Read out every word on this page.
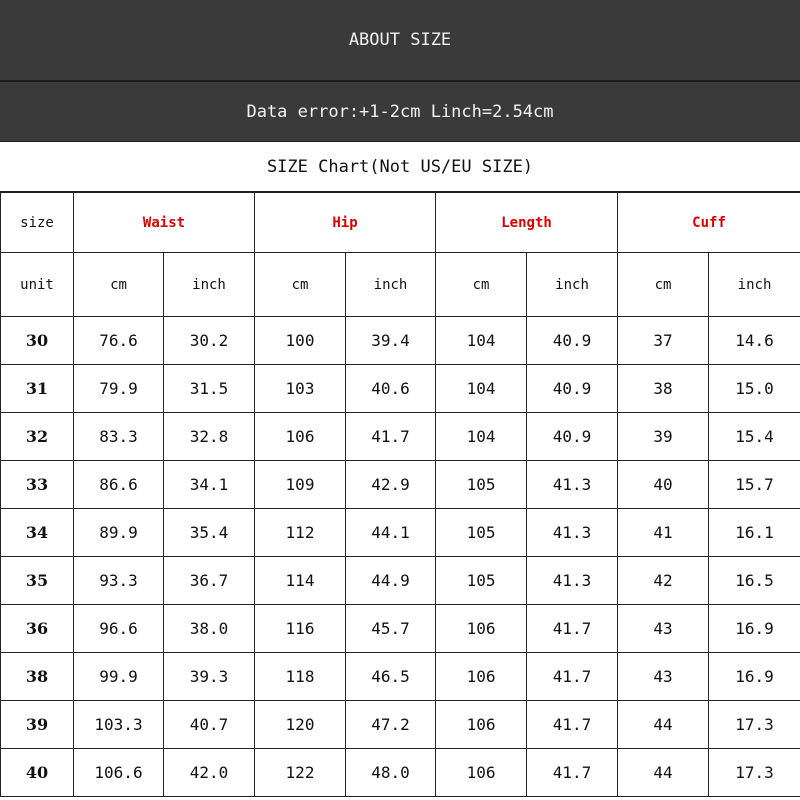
ABOUT SIZE
Data error:+1-2cm Linch=2.54cm
SIZE Chart(Not US/EU SIZE)
size	Waist		Hip		Length		Cuff	
unit	cm	inch	cm	inch	cm	inch	cm	inch
30	76.6	30.2	100	39.4	104	40.9	37	14.6
31	79.9	31.5	103	40.6	104	40.9	38	15.0
32	83.3	32.8	106	41.7	104	40.9	39	15.4
33	86.6	34.1	109	42.9	105	41.3	40	15.7
34	89.9	35.4	112	44.1	105	41.3	41	16.1
35	93.3	36.7	114	44.9	105	41.3	42	16.5
36	96.6	38.0	116	45.7	106	41.7	43	16.9
38	99.9	39.3	118	46.5	106	41.7	43	16.9
39	103.3	40.7	120	47.2	106	41.7	44	17.3
40	106.6	42.0	122	48.0	106	41.7	44	17.3
